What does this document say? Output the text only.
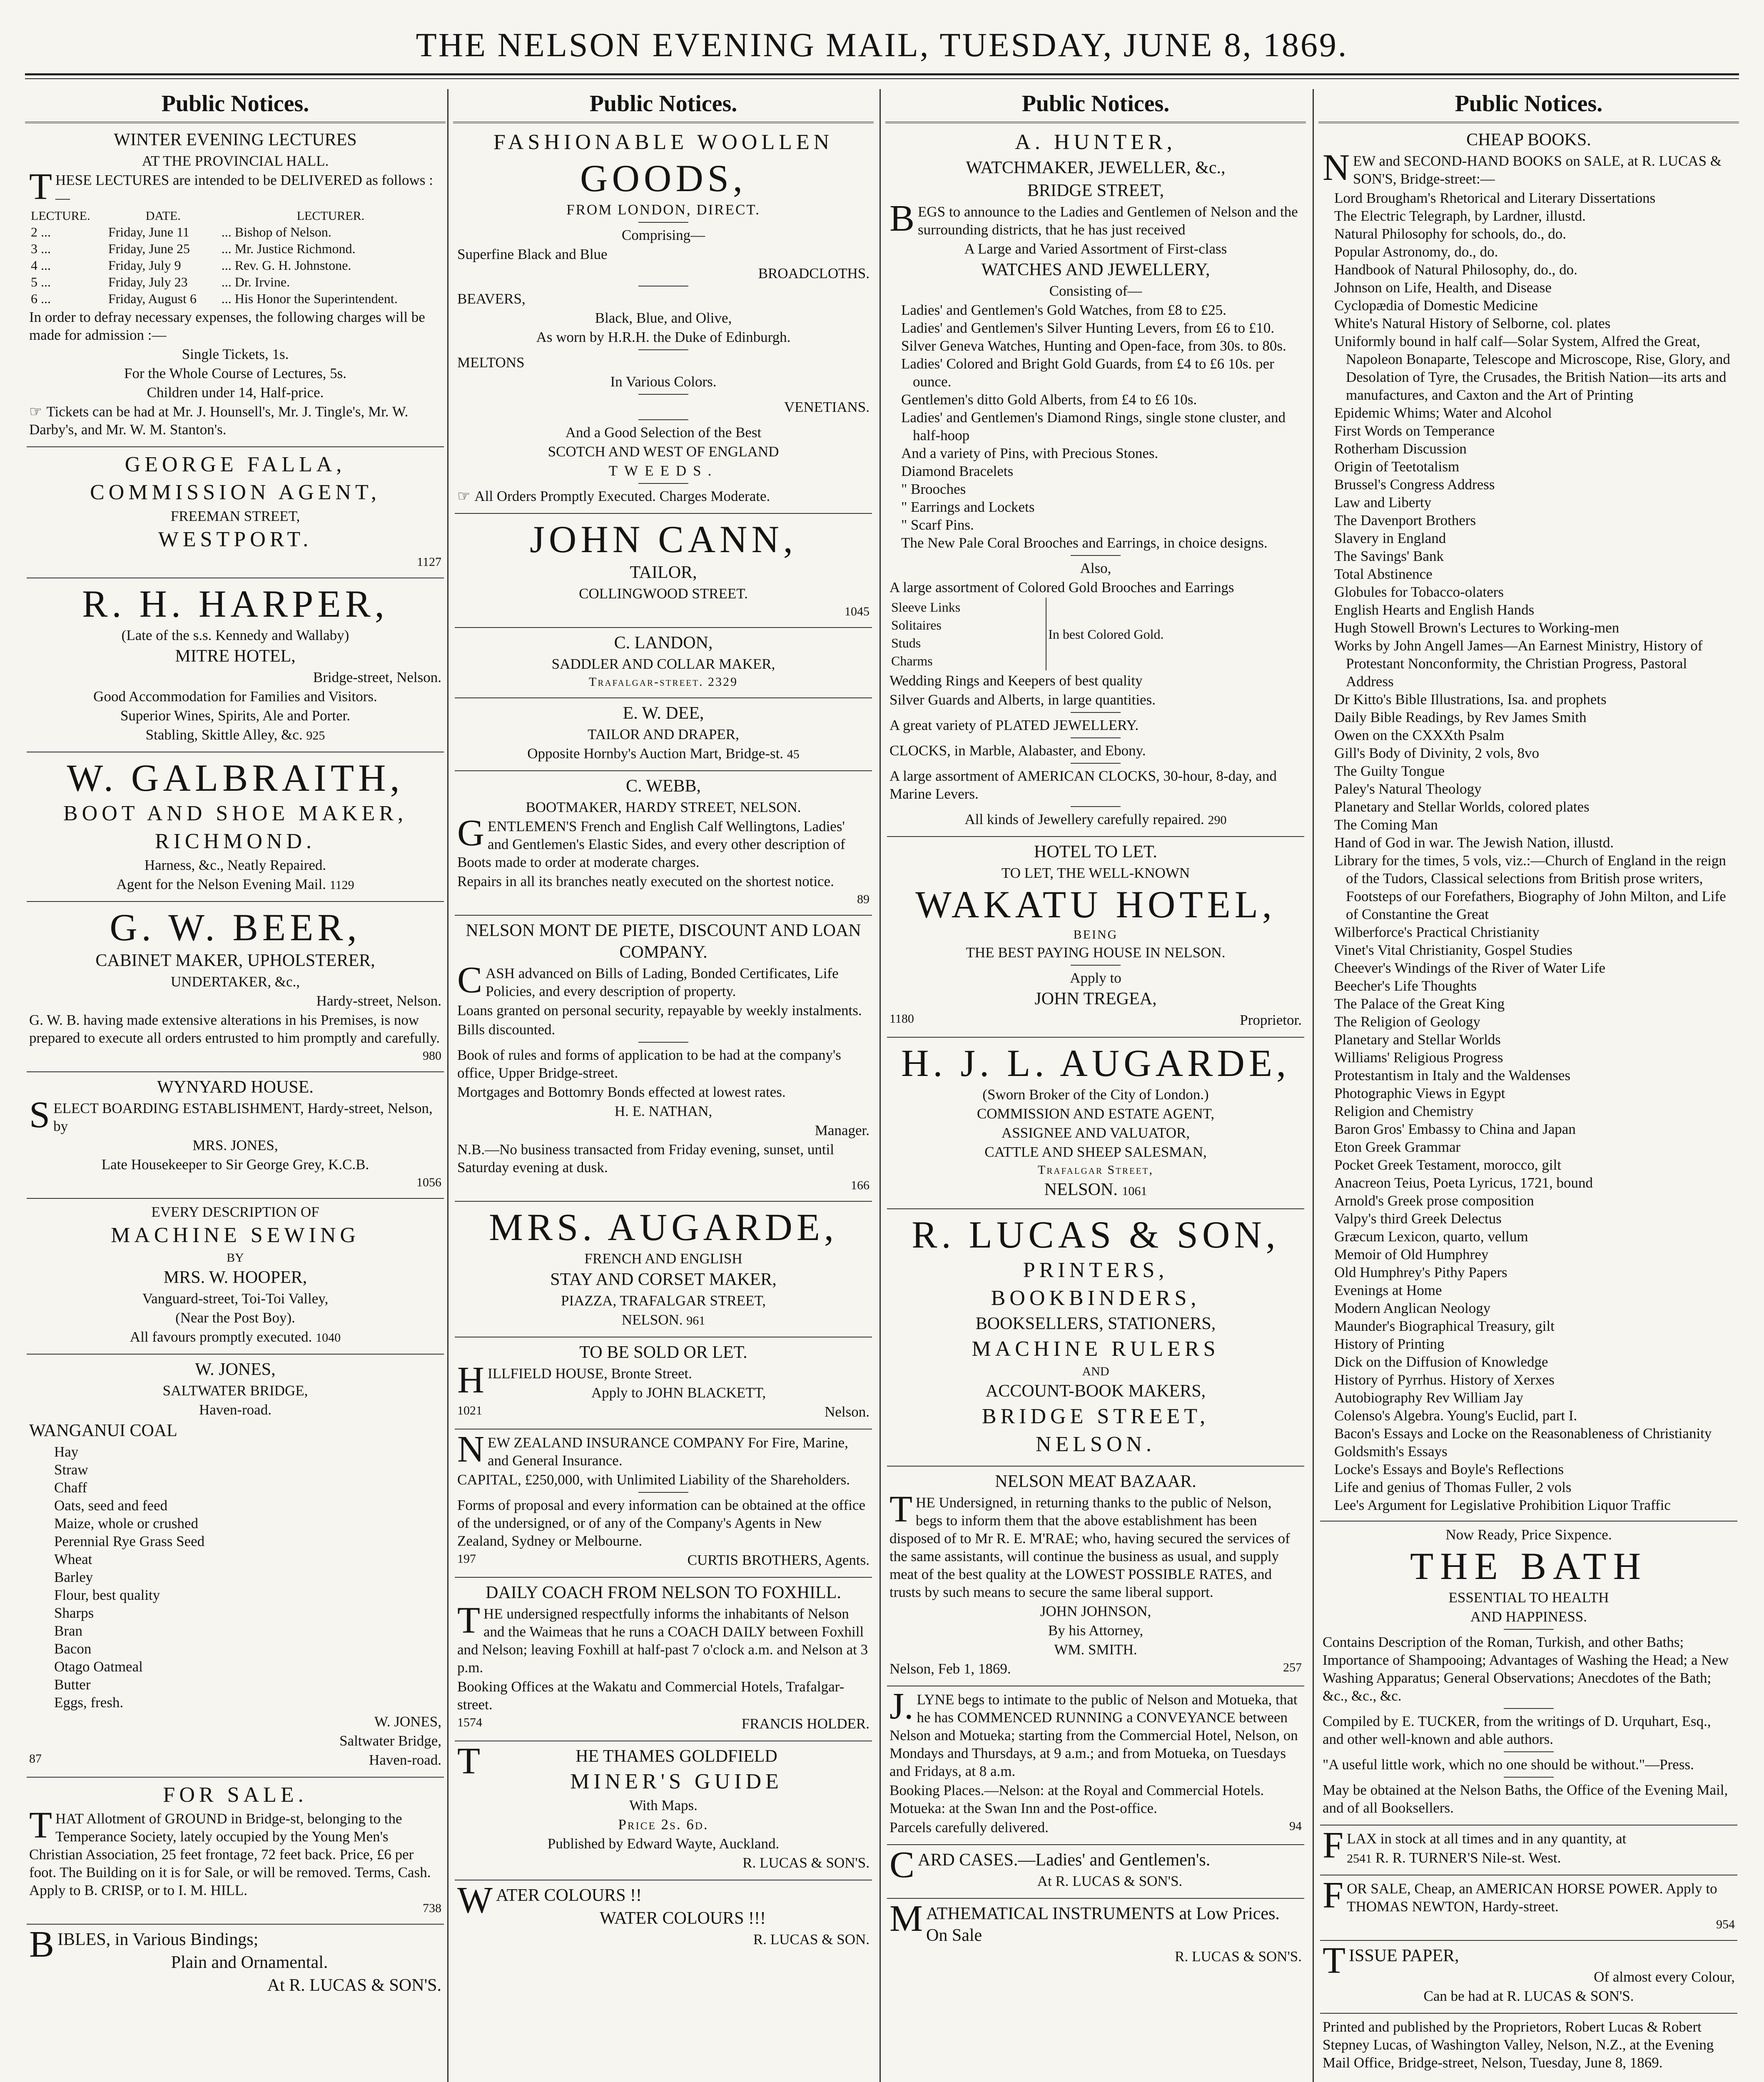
THE NELSON EVENING MAIL, TUESDAY, JUNE 8, 1869.
Public Notices.

WINTER EVENING LECTURES

AT THE PROVINCIAL HALL.

THESE LECTURES are intended to be DELIVERED as follows :—

LECTURE.	DATE.	LECTURER.
2 ...	Friday, June 11	... Bishop of Nelson.
3 ...	Friday, June 25	... Mr. Justice Richmond.
4 ...	Friday, July 9	... Rev. G. H. Johnstone.
5 ...	Friday, July 23	... Dr. Irvine.
6 ...	Friday, August 6	... His Honor the Superintendent.

In order to defray necessary expenses, the following charges will be made for admission :—

Single Tickets, 1s.

For the Whole Course of Lectures, 5s.

Children under 14, Half-price.

☞ Tickets can be had at Mr. J. Hounsell's, Mr. J. Tingle's, Mr. W. Darby's, and Mr. W. M. Stanton's.

GEORGE FALLA,

COMMISSION AGENT,

FREEMAN STREET,

WESTPORT.

1127

R. H. HARPER,

(Late of the s.s. Kennedy and Wallaby)

MITRE HOTEL,

Bridge-street, Nelson.

Good Accommodation for Families and Visitors.

Superior Wines, Spirits, Ale and Porter.

Stabling, Skittle Alley, &c. 925

W. GALBRAITH,

BOOT AND SHOE MAKER,

RICHMOND.

Harness, &c., Neatly Repaired.

Agent for the Nelson Evening Mail. 1129

G. W. BEER,

CABINET MAKER, UPHOLSTERER,

UNDERTAKER, &c.,

Hardy-street, Nelson.

G. W. B. having made extensive alterations in his Premises, is now prepared to execute all orders entrusted to him promptly and carefully.

980

WYNYARD HOUSE.

SELECT BOARDING ESTABLISHMENT, Hardy-street, Nelson, by

MRS. JONES,

Late Housekeeper to Sir George Grey, K.C.B.

1056

EVERY DESCRIPTION OF

MACHINE SEWING

BY

MRS. W. HOOPER,

Vanguard-street, Toi-Toi Valley,

(Near the Post Boy).

All favours promptly executed. 1040

W. JONES,

SALTWATER BRIDGE,

Haven-road.

WANGANUI COAL

Hay

Straw

Chaff

Oats, seed and feed

Maize, whole or crushed

Perennial Rye Grass Seed

Wheat

Barley

Flour, best quality

Sharps

Bran

Bacon

Otago Oatmeal

Butter

Eggs, fresh.

W. JONES,

Saltwater Bridge,

87	Haven-road.

FOR SALE.

THAT Allotment of GROUND in Bridge-st, belonging to the Temperance Society, lately occupied by the Young Men's Christian Association, 25 feet frontage, 72 feet back. Price, £6 per foot. The Building on it is for Sale, or will be removed. Terms, Cash. Apply to B. CRISP, or to I. M. HILL.

738

BIBLES, in Various Bindings;

Plain and Ornamental.

At R. LUCAS & SON'S.

Public Notices.

FASHIONABLE WOOLLEN

GOODS,

FROM LONDON, DIRECT.

Comprising—

Superfine Black and Blue

BROADCLOTHS.

BEAVERS,

Black, Blue, and Olive,

As worn by H.R.H. the Duke of Edinburgh.

MELTONS

In Various Colors.

VENETIANS.

And a Good Selection of the Best

SCOTCH AND WEST OF ENGLAND

TWEEDS.

☞ All Orders Promptly Executed. Charges Moderate.

JOHN CANN,

TAILOR,

COLLINGWOOD STREET.

1045

C. LANDON,

SADDLER AND COLLAR MAKER,

Trafalgar-street. 2329

E. W. DEE,

TAILOR AND DRAPER,

Opposite Hornby's Auction Mart, Bridge-st. 45

C. WEBB,

BOOTMAKER, HARDY STREET, NELSON.

GENTLEMEN'S French and English Calf Wellingtons, Ladies' and Gentlemen's Elastic Sides, and every other description of Boots made to order at moderate charges.

Repairs in all its branches neatly executed on the shortest notice.

89

NELSON MONT DE PIETE, DISCOUNT AND LOAN COMPANY.

CASH advanced on Bills of Lading, Bonded Certificates, Life Policies, and every description of property.

Loans granted on personal security, repayable by weekly instalments.

Bills discounted.

Book of rules and forms of application to be had at the company's office, Upper Bridge-street.

Mortgages and Bottomry Bonds effected at lowest rates.

H. E. NATHAN,

Manager.

N.B.—No business transacted from Friday evening, sunset, until Saturday evening at dusk.

166

MRS. AUGARDE,

FRENCH AND ENGLISH

STAY AND CORSET MAKER,

PIAZZA, TRAFALGAR STREET,

NELSON. 961

TO BE SOLD OR LET.

HILLFIELD HOUSE, Bronte Street.

Apply to JOHN BLACKETT,

1021	Nelson.

NEW ZEALAND INSURANCE COMPANY For Fire, Marine, and General Insurance.

CAPITAL, £250,000, with Unlimited Liability of the Shareholders.

Forms of proposal and every information can be obtained at the office of the undersigned, or of any of the Company's Agents in New Zealand, Sydney or Melbourne.

197	CURTIS BROTHERS, Agents.

DAILY COACH FROM NELSON TO FOXHILL.

THE undersigned respectfully informs the inhabitants of Nelson and the Waimeas that he runs a COACH DAILY between Foxhill and Nelson; leaving Foxhill at half-past 7 o'clock a.m. and Nelson at 3 p.m.

Booking Offices at the Wakatu and Commercial Hotels, Trafalgar-street.

1574	FRANCIS HOLDER.

THE THAMES GOLDFIELD

MINER'S GUIDE

With Maps.

Price 2s. 6d.

Published by Edward Wayte, Auckland.

R. LUCAS & SON'S.

WATER COLOURS !!

WATER COLOURS !!!

R. LUCAS & SON.

Public Notices.

A. HUNTER,

WATCHMAKER, JEWELLER, &c.,

BRIDGE STREET,

BEGS to announce to the Ladies and Gentlemen of Nelson and the surrounding districts, that he has just received

A Large and Varied Assortment of First-class

WATCHES AND JEWELLERY,

Consisting of—

Ladies' and Gentlemen's Gold Watches, from £8 to £25.

Ladies' and Gentlemen's Silver Hunting Levers, from £6 to £10.

Silver Geneva Watches, Hunting and Open-face, from 30s. to 80s.

Ladies' Colored and Bright Gold Guards, from £4 to £6 10s. per ounce.

Gentlemen's ditto Gold Alberts, from £4 to £6 10s.

Ladies' and Gentlemen's Diamond Rings, single stone cluster, and half-hoop

And a variety of Pins, with Precious Stones.

Diamond Bracelets

" Brooches

" Earrings and Lockets

" Scarf Pins.

The New Pale Coral Brooches and Earrings, in choice designs.

Also,

A large assortment of Colored Gold Brooches and Earrings

Sleeve Links

Solitaires

Studs

Charms

	In best Colored Gold.

Wedding Rings and Keepers of best quality

Silver Guards and Alberts, in large quantities.

A great variety of PLATED JEWELLERY.

CLOCKS, in Marble, Alabaster, and Ebony.

A large assortment of AMERICAN CLOCKS, 30-hour, 8-day, and Marine Levers.

All kinds of Jewellery carefully repaired. 290

HOTEL TO LET.

TO LET, THE WELL-KNOWN

WAKATU HOTEL,

BEING

THE BEST PAYING HOUSE IN NELSON.

Apply to

JOHN TREGEA,

1180	Proprietor.

H. J. L. AUGARDE,

(Sworn Broker of the City of London.)

COMMISSION AND ESTATE AGENT,

ASSIGNEE AND VALUATOR,

CATTLE AND SHEEP SALESMAN,

Trafalgar Street,

NELSON. 1061

R. LUCAS & SON,

PRINTERS,

BOOKBINDERS,

BOOKSELLERS, STATIONERS,

MACHINE RULERS

AND

ACCOUNT-BOOK MAKERS,

BRIDGE STREET,

NELSON.

NELSON MEAT BAZAAR.

THE Undersigned, in returning thanks to the public of Nelson, begs to inform them that the above establishment has been disposed of to Mr R. E. M'RAE; who, having secured the services of the same assistants, will continue the business as usual, and supply meat of the best quality at the LOWEST POSSIBLE RATES, and trusts by such means to secure the same liberal support.

JOHN JOHNSON,

By his Attorney,

WM. SMITH.

Nelson, Feb 1, 1869.	257

J.LYNE begs to intimate to the public of Nelson and Motueka, that he has COMMENCED RUNNING a CONVEYANCE between Nelson and Motueka; starting from the Commercial Hotel, Nelson, on Mondays and Thursdays, at 9 a.m.; and from Motueka, on Tuesdays and Fridays, at 8 a.m.

Booking Places.—Nelson: at the Royal and Commercial Hotels. Motueka: at the Swan Inn and the Post-office.

Parcels carefully delivered.	94

CARD CASES.—Ladies' and Gentlemen's.

At R. LUCAS & SON'S.

MATHEMATICAL INSTRUMENTS at Low Prices. On Sale

R. LUCAS & SON'S.

Public Notices.

CHEAP BOOKS.

NEW and SECOND-HAND BOOKS on SALE, at R. LUCAS & SON'S, Bridge-street:—

Lord Brougham's Rhetorical and Literary Dissertations

The Electric Telegraph, by Lardner, illustd.

Natural Philosophy for schools, do., do.

Popular Astronomy, do., do.

Handbook of Natural Philosophy, do., do.

Johnson on Life, Health, and Disease

Cyclopædia of Domestic Medicine

White's Natural History of Selborne, col. plates

Uniformly bound in half calf—Solar System, Alfred the Great, Napoleon Bonaparte, Telescope and Microscope, Rise, Glory, and Desolation of Tyre, the Crusades, the British Nation—its arts and manufactures, and Caxton and the Art of Printing

Epidemic Whims; Water and Alcohol

First Words on Temperance

Rotherham Discussion

Origin of Teetotalism

Brussel's Congress Address

Law and Liberty

The Davenport Brothers

Slavery in England

The Savings' Bank

Total Abstinence

Globules for Tobacco-olaters

English Hearts and English Hands

Hugh Stowell Brown's Lectures to Working-men

Works by John Angell James—An Earnest Ministry, History of Protestant Nonconformity, the Christian Progress, Pastoral Address

Dr Kitto's Bible Illustrations, Isa. and prophets

Daily Bible Readings, by Rev James Smith

Owen on the CXXXth Psalm

Gill's Body of Divinity, 2 vols, 8vo

The Guilty Tongue

Paley's Natural Theology

Planetary and Stellar Worlds, colored plates

The Coming Man

Hand of God in war. The Jewish Nation, illustd.

Library for the times, 5 vols, viz.:—Church of England in the reign of the Tudors, Classical selections from British prose writers, Footsteps of our Forefathers, Biography of John Milton, and Life of Constantine the Great

Wilberforce's Practical Christianity

Vinet's Vital Christianity, Gospel Studies

Cheever's Windings of the River of Water Life

Beecher's Life Thoughts

The Palace of the Great King

The Religion of Geology

Planetary and Stellar Worlds

Williams' Religious Progress

Protestantism in Italy and the Waldenses

Photographic Views in Egypt

Religion and Chemistry

Baron Gros' Embassy to China and Japan

Eton Greek Grammar

Pocket Greek Testament, morocco, gilt

Anacreon Teius, Poeta Lyricus, 1721, bound

Arnold's Greek prose composition

Valpy's third Greek Delectus

Græcum Lexicon, quarto, vellum

Memoir of Old Humphrey

Old Humphrey's Pithy Papers

Evenings at Home

Modern Anglican Neology

Maunder's Biographical Treasury, gilt

History of Printing

Dick on the Diffusion of Knowledge

History of Pyrrhus. History of Xerxes

Autobiography Rev William Jay

Colenso's Algebra. Young's Euclid, part I.

Bacon's Essays and Locke on the Reasonableness of Christianity

Goldsmith's Essays

Locke's Essays and Boyle's Reflections

Life and genius of Thomas Fuller, 2 vols

Lee's Argument for Legislative Prohibition Liquor Traffic

Now Ready, Price Sixpence.

THE BATH

ESSENTIAL TO HEALTH

AND HAPPINESS.

Contains Description of the Roman, Turkish, and other Baths; Importance of Shampooing; Advantages of Washing the Head; a New Washing Apparatus; General Observations; Anecdotes of the Bath; &c., &c., &c.

Compiled by E. TUCKER, from the writings of D. Urquhart, Esq., and other well-known and able authors.

"A useful little work, which no one should be without."—Press.

May be obtained at the Nelson Baths, the Office of the Evening Mail, and of all Booksellers.

FLAX in stock at all times and in any quantity, at

2541 R. R. TURNER'S Nile-st. West.

FOR SALE, Cheap, an AMERICAN HORSE POWER. Apply to THOMAS NEWTON, Hardy-street.

954

TISSUE PAPER,

Of almost every Colour,

Can be had at R. LUCAS & SON'S.

Printed and published by the Proprietors, Robert Lucas & Robert Stepney Lucas, of Washington Valley, Nelson, N.Z., at the Evening Mail Office, Bridge-street, Nelson, Tuesday, June 8, 1869.
